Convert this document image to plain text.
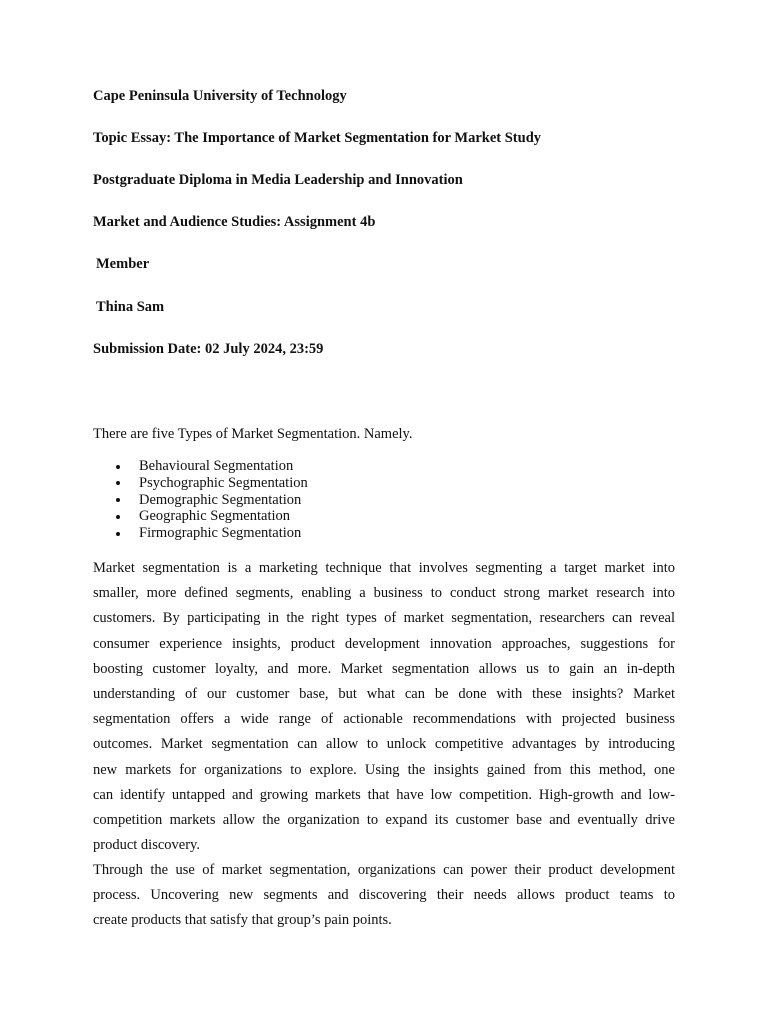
Cape Peninsula University of Technology
Topic Essay: The Importance of Market Segmentation for Market Study
Postgraduate Diploma in Media Leadership and Innovation
Market and Audience Studies: Assignment 4b
Member
Thina Sam
Submission Date: 02 July 2024, 23:59
There are five Types of Market Segmentation. Namely.
Behavioural Segmentation
Psychographic Segmentation
Demographic Segmentation
Geographic Segmentation
Firmographic Segmentation
Market segmentation is a marketing technique that involves segmenting a target market into
smaller, more defined segments, enabling a business to conduct strong market research into
customers. By participating in the right types of market segmentation, researchers can reveal
consumer experience insights, product development innovation approaches, suggestions for
boosting customer loyalty, and more. Market segmentation allows us to gain an in-depth
understanding of our customer base, but what can be done with these insights? Market
segmentation offers a wide range of actionable recommendations with projected business
outcomes. Market segmentation can allow to unlock competitive advantages by introducing
new markets for organizations to explore. Using the insights gained from this method, one
can identify untapped and growing markets that have low competition. High-growth and low-
competition markets allow the organization to expand its customer base and eventually drive
product discovery.
Through the use of market segmentation, organizations can power their product development
process. Uncovering new segments and discovering their needs allows product teams to
create products that satisfy that group’s pain points.
